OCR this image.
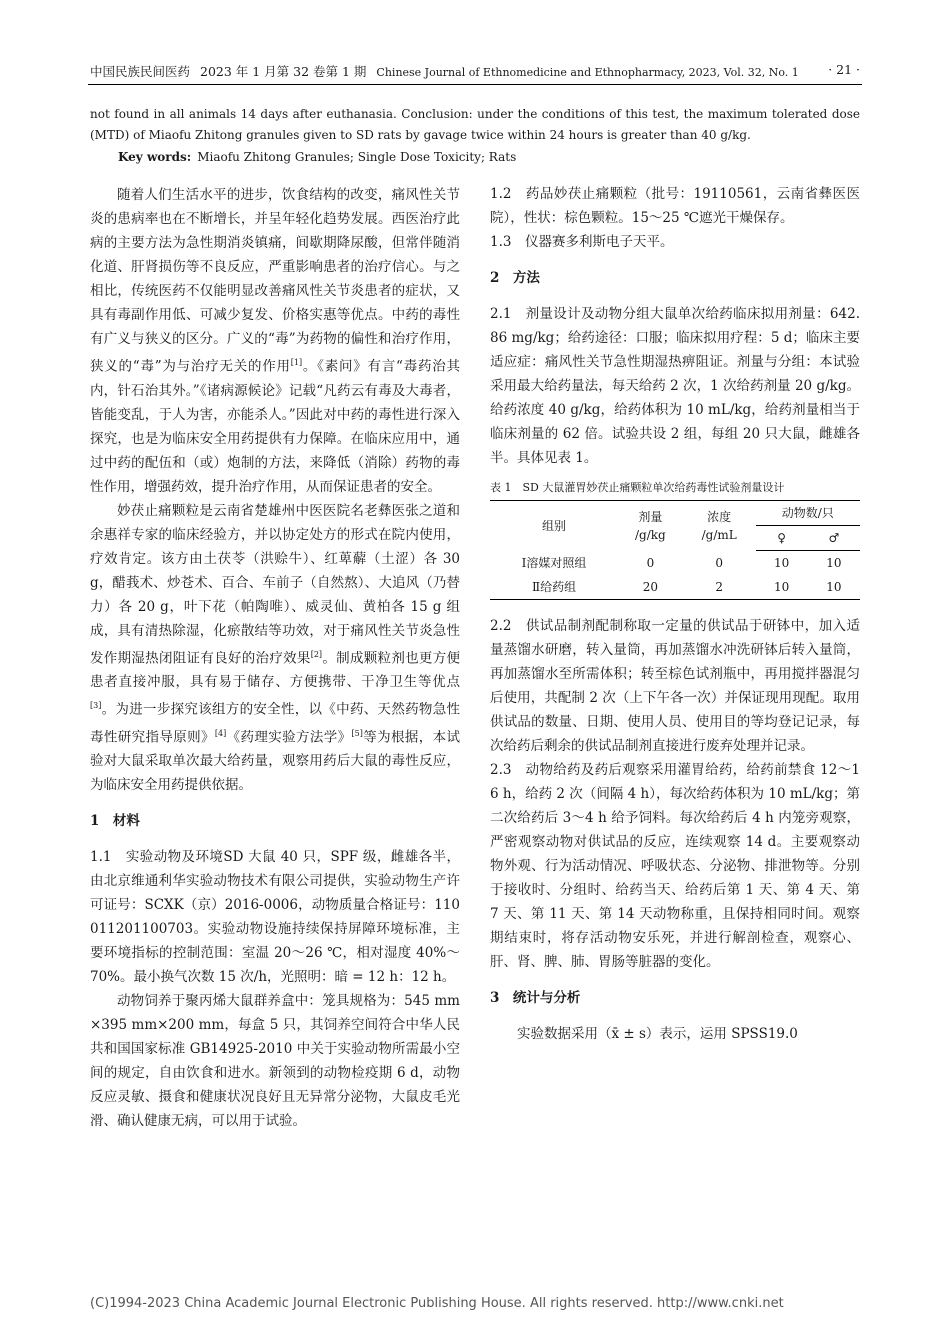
中国民族民间医药 2023 年 1 月第 32 卷第 1 期 Chinese Journal of Ethnomedicine and Ethnopharmacy, 2023, Vol. 32, No. 1	· 21 ·

not found in all animals 14 days after euthanasia. Conclusion: under the conditions of this test, the maximum tolerated dose (MTD) of Miaofu Zhitong granules given to SD rats by gavage twice within 24 hours is greater than 40 g/kg.

Key words: Miaofu Zhitong Granules; Single Dose Toxicity; Rats

随着人们生活水平的进步，饮食结构的改变，痛风性关节炎的患病率也在不断增长，并呈年轻化趋势发展。西医治疗此病的主要方法为急性期消炎镇痛，间歇期降尿酸，但常伴随消化道、肝肾损伤等不良反应，严重影响患者的治疗信心。与之相比，传统医药不仅能明显改善痛风性关节炎患者的症状，又具有毒副作用低、可减少复发、价格实惠等优点。中药的毒性有广义与狭义的区分。广义的“毒”为药物的偏性和治疗作用，狭义的“毒”为与治疗无关的作用[1]。《素问》有言“毒药治其内，针石治其外。”《诸病源候论》记载“凡药云有毒及大毒者，皆能变乱，于人为害，亦能杀人。”因此对中药的毒性进行深入探究，也是为临床安全用药提供有力保障。在临床应用中，通过中药的配伍和（或）炮制的方法，来降低（消除）药物的毒性作用，增强药效，提升治疗作用，从而保证患者的安全。

妙茯止痛颗粒是云南省楚雄州中医医院名老彝医张之道和余惠祥专家的临床经验方，并以协定处方的形式在院内使用，疗效肯定。该方由土茯苓（洪赊牛）、红萆薢（土涩）各 30 g，醋莪术、炒苍术、百合、车前子（自然熬）、大追风（乃替力）各 20 g，叶下花（帕陶唯）、威灵仙、黄柏各 15 g 组成，具有清热除湿，化瘀散结等功效，对于痛风性关节炎急性发作期湿热闭阻证有良好的治疗效果[2]。制成颗粒剂也更方便患者直接冲服，具有易于储存、方便携带、干净卫生等优点[3]。为进一步探究该组方的安全性，以《中药、天然药物急性毒性研究指导原则》[4]《药理实验方法学》[5]等为根据，本试验对大鼠采取单次最大给药量，观察用药后大鼠的毒性反应，为临床安全用药提供依据。

1　材料

1.1　实验动物及环境SD 大鼠 40 只，SPF 级，雌雄各半，由北京维通利华实验动物技术有限公司提供，实验动物生产许可证号：SCXK（京）2016-0006，动物质量合格证号：110011201100703。实验动物设施持续保持屏障环境标准，主要环境指标的控制范围：室温 20～26 ℃，相对湿度 40%～70%。最小换气次数 15 次/h，光照明：暗 = 12 h：12 h。

动物饲养于聚丙烯大鼠群养盒中：笼具规格为：545 mm×395 mm×200 mm，每盒 5 只，其饲养空间符合中华人民共和国国家标准 GB14925-2010 中关于实验动物所需最小空间的规定，自由饮食和进水。新领到的动物检疫期 6 d，动物反应灵敏、摄食和健康状况良好且无异常分泌物，大鼠皮毛光滑、确认健康无病，可以用于试验。

1.2　药品妙茯止痛颗粒（批号：19110561，云南省彝医医院），性状：棕色颗粒。15～25 ℃遮光干燥保存。

1.3　仪器赛多利斯电子天平。

2　方法

2.1　剂量设计及动物分组大鼠单次给药临床拟用剂量：642.86 mg/kg；给药途径：口服；临床拟用疗程：5 d；临床主要适应症：痛风性关节急性期湿热痹阻证。剂量与分组：本试验采用最大给药量法，每天给药 2 次，1 次给药剂量 20 g/kg。给药浓度 40 g/kg，给药体积为 10 mL/kg，给药剂量相当于临床剂量的 62 倍。试验共设 2 组，每组 20 只大鼠，雌雄各半。具体见表 1。

表 1　SD 大鼠灌胃妙茯止痛颗粒单次给药毒性试验剂量设计
组别	剂量
/g/kg	浓度
/g/mL	动物数/只	
			♀	♂
Ⅰ溶媒对照组	0	0	10	10
Ⅱ给药组	20	2	10	10

2.2　供试品制剂配制称取一定量的供试品于研钵中，加入适量蒸馏水研磨，转入量筒，再加蒸馏水冲洗研钵后转入量筒，再加蒸馏水至所需体积；转至棕色试剂瓶中，再用搅拌器混匀后使用，共配制 2 次（上下午各一次）并保证现用现配。取用供试品的数量、日期、使用人员、使用目的等均登记记录，每次给药后剩余的供试品制剂直接进行废弃处理并记录。

2.3　动物给药及药后观察采用灌胃给药，给药前禁食 12～16 h，给药 2 次（间隔 4 h），每次给药体积为 10 mL/kg；第二次给药后 3～4 h 给予饲料。每次给药后 4 h 内笼旁观察，严密观察动物对供试品的反应，连续观察 14 d。主要观察动物外观、行为活动情况、呼吸状态、分泌物、排泄物等。分别于接收时、分组时、给药当天、给药后第 1 天、第 4 天、第 7 天、第 11 天、第 14 天动物称重，且保持相同时间。观察期结束时，将存活动物安乐死，并进行解剖检查，观察心、肝、肾、脾、肺、胃肠等脏器的变化。

3　统计与分析

实验数据采用（x̄ ± s）表示，运用 SPSS19.0

(C)1994-2023 China Academic Journal Electronic Publishing House. All rights reserved. http://www.cnki.net
